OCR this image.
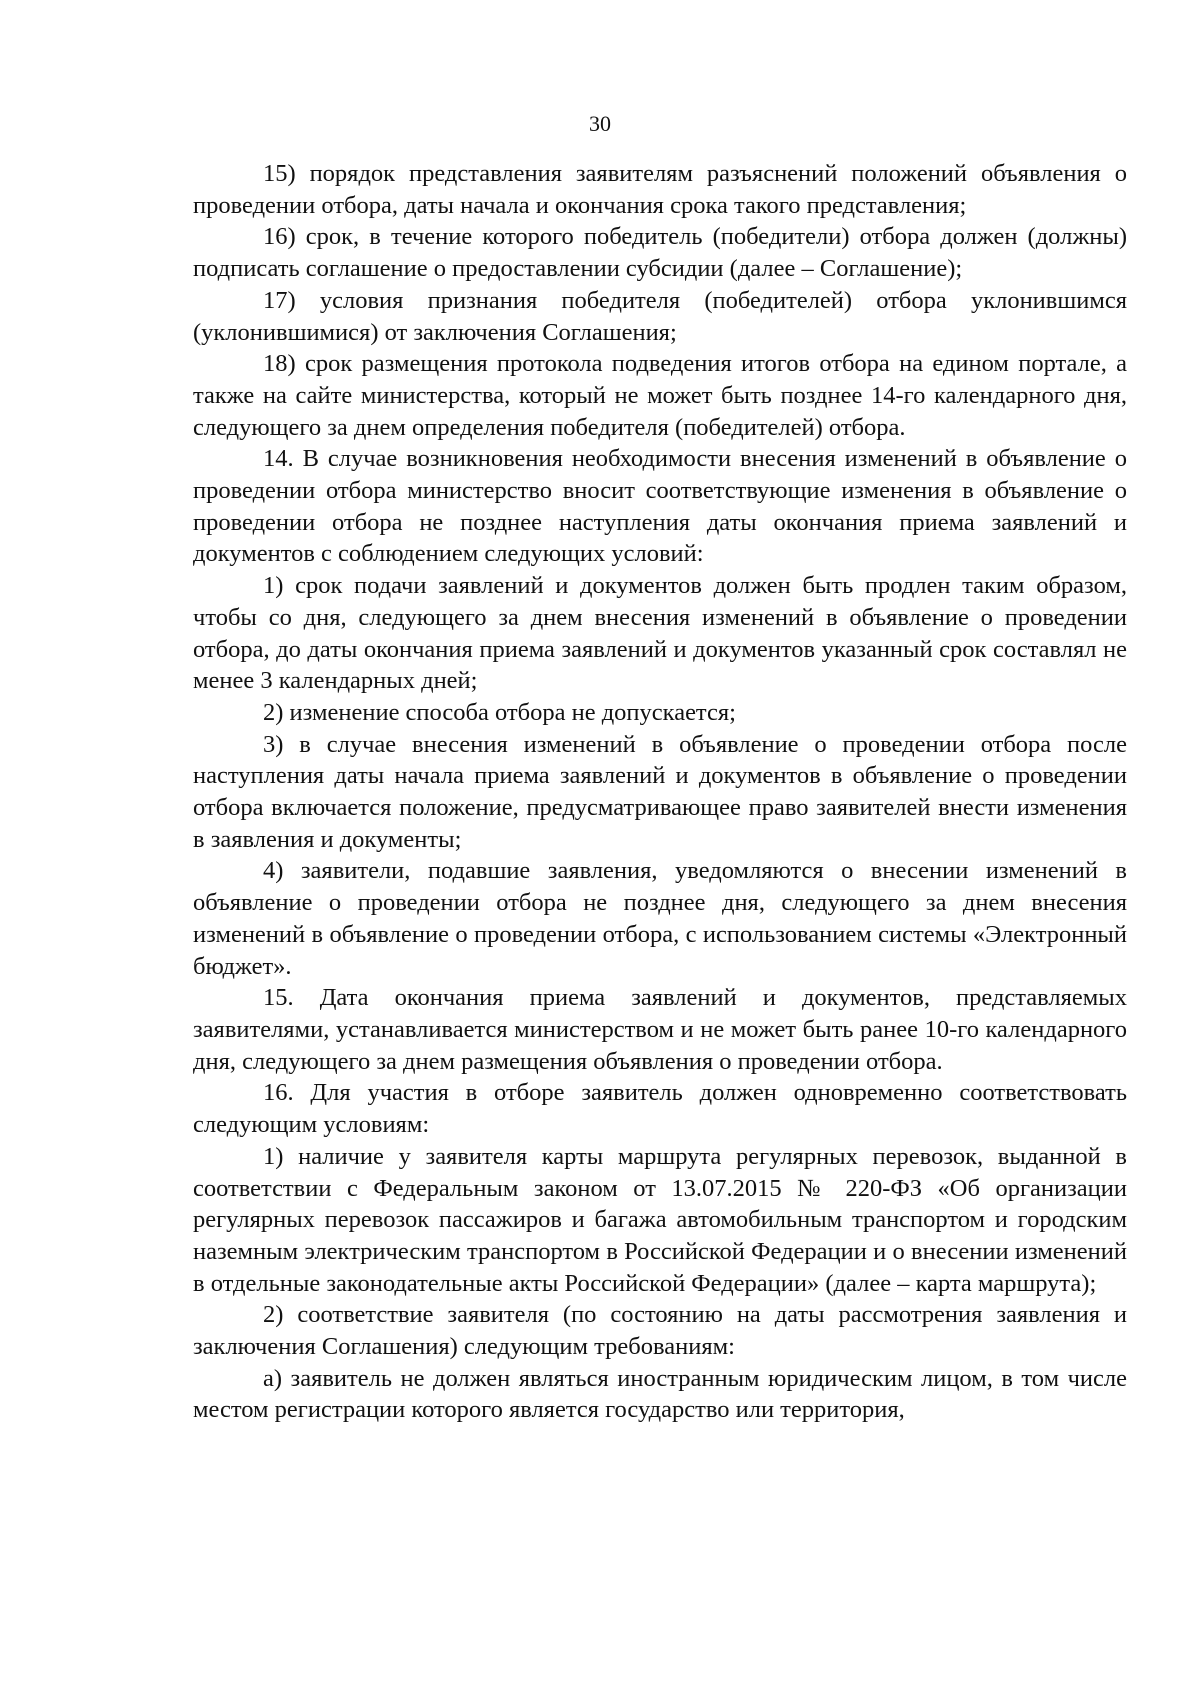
30

15) порядок представления заявителям разъяснений положений объявления о проведении отбора, даты начала и окончания срока такого представления;

16) срок, в течение которого победитель (победители) отбора должен (должны) подписать соглашение о предоставлении субсидии (далее – Соглашение);

17) условия признания победителя (победителей) отбора уклонившимся (уклонившимися) от заключения Соглашения;

18) срок размещения протокола подведения итогов отбора на едином портале, а также на сайте министерства, который не может быть позднее 14-го календарного дня, следующего за днем определения победителя (победителей) отбора.

14. В случае возникновения необходимости внесения изменений в объявление о проведении отбора министерство вносит соответствующие изменения в объявление о проведении отбора не позднее наступления даты окончания приема заявлений и документов с соблюдением следующих условий:

1) срок подачи заявлений и документов должен быть продлен таким образом, чтобы со дня, следующего за днем внесения изменений в объявление о проведении отбора, до даты окончания приема заявлений и документов указанный срок составлял не менее 3 календарных дней;

2) изменение способа отбора не допускается;

3) в случае внесения изменений в объявление о проведении отбора после наступления даты начала приема заявлений и документов в объявление о проведении отбора включается положение, предусматривающее право заявителей внести изменения в заявления и документы;

4) заявители, подавшие заявления, уведомляются о внесении изменений в объявление о проведении отбора не позднее дня, следующего за днем внесения изменений в объявление о проведении отбора, с использованием системы «Электронный бюджет».

15. Дата окончания приема заявлений и документов, представляемых заявителями, устанавливается министерством и не может быть ранее 10-го календарного дня, следующего за днем размещения объявления о проведении отбора.

16. Для участия в отборе заявитель должен одновременно соответствовать следующим условиям:

1) наличие у заявителя карты маршрута регулярных перевозок, выданной в соответствии с Федеральным законом от 13.07.2015 № 220-ФЗ «Об организации регулярных перевозок пассажиров и багажа автомобильным транспортом и городским наземным электрическим транспортом в Российской Федерации и о внесении изменений в отдельные законодательные акты Российской Федерации» (далее – карта маршрута);

2) соответствие заявителя (по состоянию на даты рассмотрения заявления и заключения Соглашения) следующим требованиям:

а) заявитель не должен являться иностранным юридическим лицом, в том числе местом регистрации которого является государство или территория,
